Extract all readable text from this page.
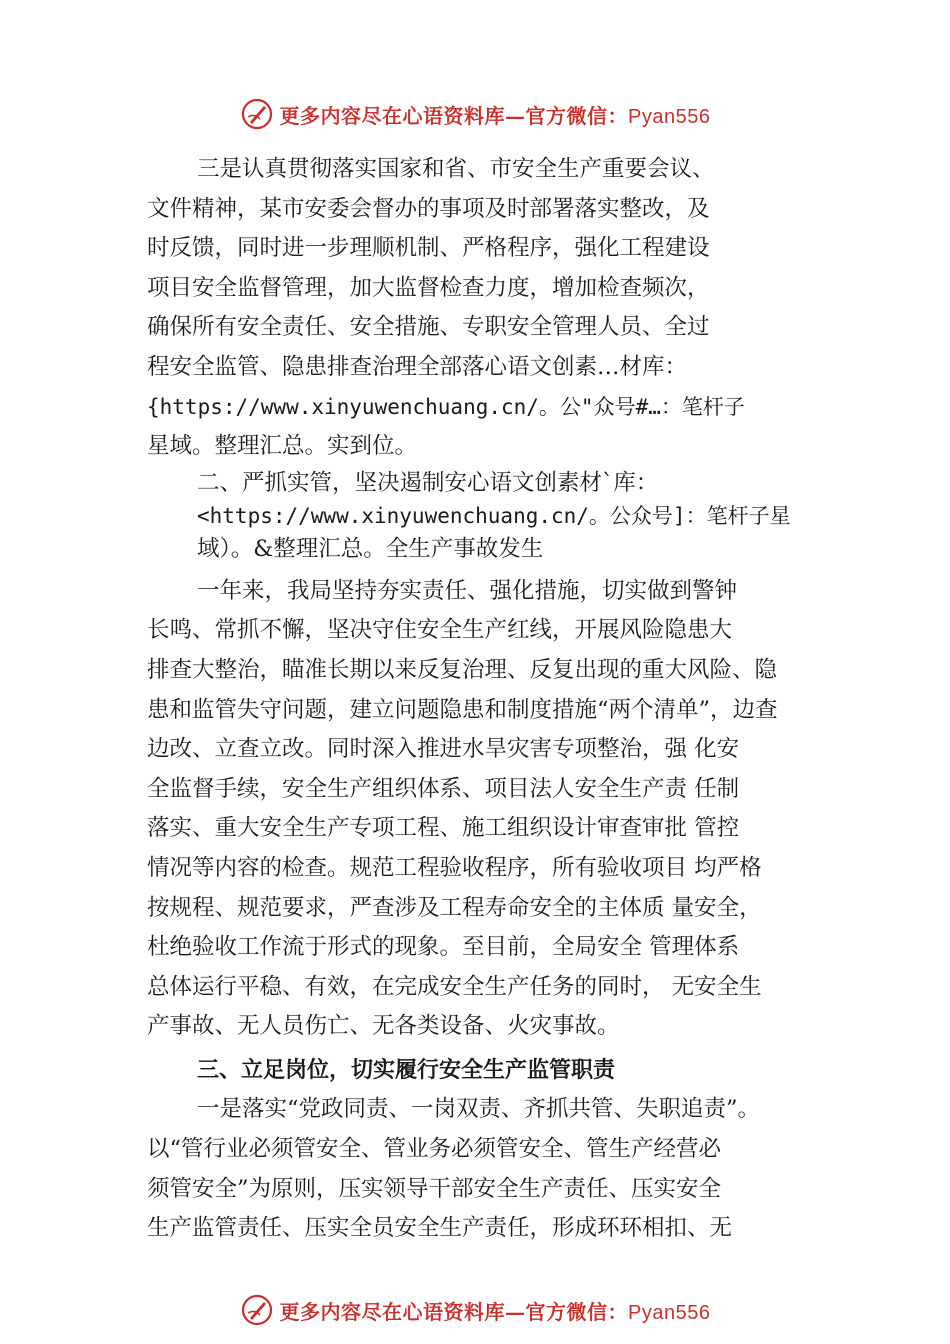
更多内容尽在心语资料库—官方微信：Pyan556
三是认真贯彻落实国家和省、市安全生产重要会议、
文件精神，某市安委会督办的事项及时部署落实整改，及
时反馈，同时进一步理顺机制、严格程序，强化工程建设
项目安全监督管理，加大监督检查力度，增加检查频次，
确保所有安全责任、安全措施、专职安全管理人员、全过
程安全监管、隐患排查治理全部落心语文创素…材库：
{https://www.xinyuwenchuang.cn/。公"众号#…：笔杆子
星域。整理汇总。实到位。
二、严抓实管，坚决遏制安心语文创素材`库：
<https://www.xinyuwenchuang.cn/。公众号]：笔杆子星
域）。&整理汇总。全生产事故发生
一年来，我局坚持夯实责任、强化措施，切实做到警钟
长鸣、常抓不懈，坚决守住安全生产红线，开展风险隐患大
排查大整治，瞄准长期以来反复治理、反复出现的重大风险、隐
患和监管失守问题，建立问题隐患和制度措施“两个清单”，边查
边改、立查立改。同时深入推进水旱灾害专项整治，强 化安
全监督手续，安全生产组织体系、项目法人安全生产责 任制
落实、重大安全生产专项工程、施工组织设计审查审批 管控
情况等内容的检查。规范工程验收程序，所有验收项目 均严格
按规程、规范要求，严查涉及工程寿命安全的主体质 量安全，
杜绝验收工作流于形式的现象。至目前，全局安全 管理体系
总体运行平稳、有效，在完成安全生产任务的同时， 无安全生
产事故、无人员伤亡、无各类设备、火灾事故。
三、立足岗位，切实履行安全生产监管职责
一是落实“党政同责、一岗双责、齐抓共管、失职追责”。
以“管行业必须管安全、管业务必须管安全、管生产经营必
须管安全”为原则，压实领导干部安全生产责任、压实安全
生产监管责任、压实全员安全生产责任，形成环环相扣、无
更多内容尽在心语资料库—官方微信：Pyan556
